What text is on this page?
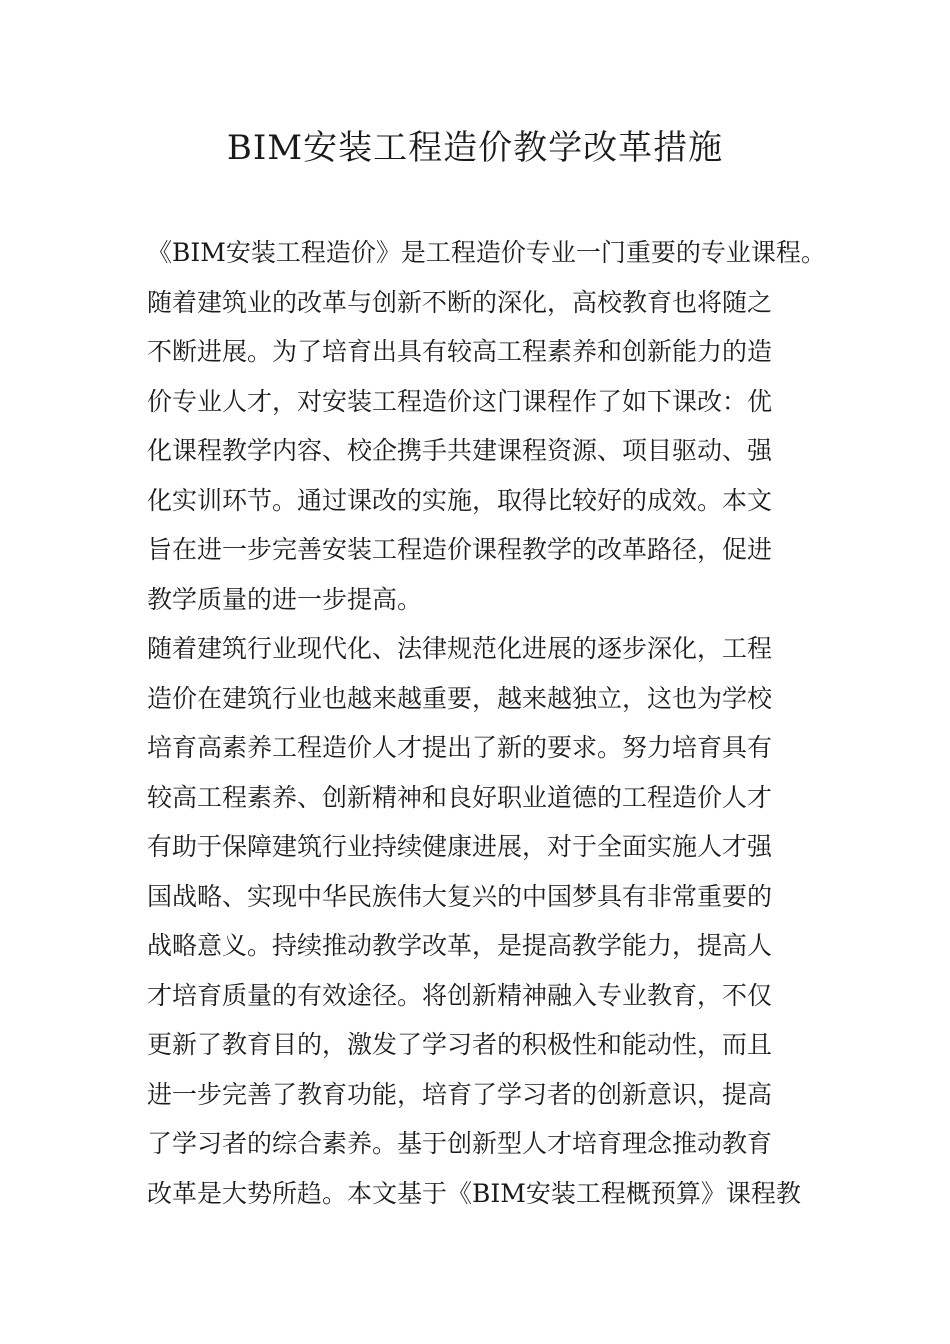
BIM安装工程造价教学改革措施
《BIM安装工程造价》是工程造价专业一门重要的专业课程。
随着建筑业的改革与创新不断的深化，高校教育也将随之
不断进展。为了培育出具有较高工程素养和创新能力的造
价专业人才，对安装工程造价这门课程作了如下课改：优
化课程教学内容、校企携手共建课程资源、项目驱动、强
化实训环节。通过课改的实施，取得比较好的成效。本文
旨在进一步完善安装工程造价课程教学的改革路径，促进
教学质量的进一步提高。
随着建筑行业现代化、法律规范化进展的逐步深化，工程
造价在建筑行业也越来越重要，越来越独立，这也为学校
培育高素养工程造价人才提出了新的要求。努力培育具有
较高工程素养、创新精神和良好职业道德的工程造价人才
有助于保障建筑行业持续健康进展，对于全面实施人才强
国战略、实现中华民族伟大复兴的中国梦具有非常重要的
战略意义。持续推动教学改革，是提高教学能力，提高人
才培育质量的有效途径。将创新精神融入专业教育，不仅
更新了教育目的，激发了学习者的积极性和能动性，而且
进一步完善了教育功能，培育了学习者的创新意识，提高
了学习者的综合素养。基于创新型人才培育理念推动教育
改革是大势所趋。本文基于《BIM安装工程概预算》课程教
